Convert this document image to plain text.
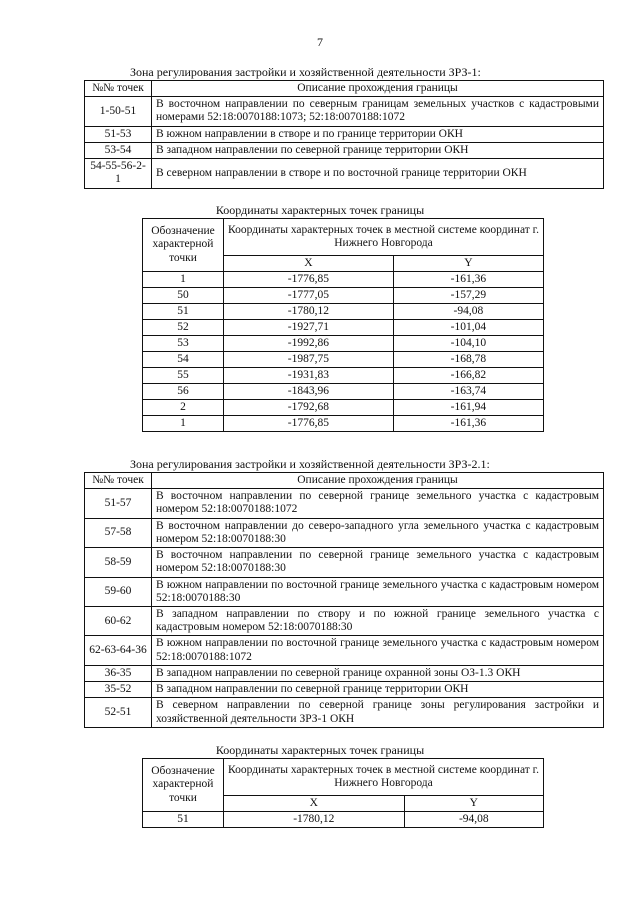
7
Зона регулирования застройки и хозяйственной деятельности ЗРЗ-1:
№№ точек	Описание прохождения границы
1-50-51	В восточном направлении по северным границам земельных участков с кадастровыми номерами 52:18:0070188:1073; 52:18:0070188:1072
51-53	В южном направлении в створе и по границе территории ОКН
53-54	В западном направлении по северной границе территории ОКН
54-55-56-2-1	В северном направлении в створе и по восточной границе территории ОКН
Координаты характерных точек границы
Обозначение характерной точки	Координаты характерных точек в местной системе координат г. Нижнего Новгорода	
	X	Y
1	-1776,85	-161,36
50	-1777,05	-157,29
51	-1780,12	-94,08
52	-1927,71	-101,04
53	-1992,86	-104,10
54	-1987,75	-168,78
55	-1931,83	-166,82
56	-1843,96	-163,74
2	-1792,68	-161,94
1	-1776,85	-161,36
Зона регулирования застройки и хозяйственной деятельности ЗРЗ-2.1:
№№ точек	Описание прохождения границы
51-57	В восточном направлении по северной границе земельного участка с кадастровым номером 52:18:0070188:1072
57-58	В восточном направлении до северо-западного угла земельного участка с кадастровым номером 52:18:0070188:30
58-59	В восточном направлении по северной границе земельного участка с кадастровым номером 52:18:0070188:30
59-60	В южном направлении по восточной границе земельного участка с кадастровым номером 52:18:0070188:30
60-62	В западном направлении по створу и по южной границе земельного участка с кадастровым номером 52:18:0070188:30
62-63-64-36	В южном направлении по восточной границе земельного участка с кадастровым номером 52:18:0070188:1072
36-35	В западном направлении по северной границе охранной зоны ОЗ-1.3 ОКН
35-52	В западном направлении по северной границе территории ОКН
52-51	В северном направлении по северной границе зоны регулирования застройки и хозяйственной деятельности ЗРЗ-1 ОКН
Координаты характерных точек границы
Обозначение характерной точки	Координаты характерных точек в местной системе координат г. Нижнего Новгорода	
	X	Y
51	-1780,12	-94,08
